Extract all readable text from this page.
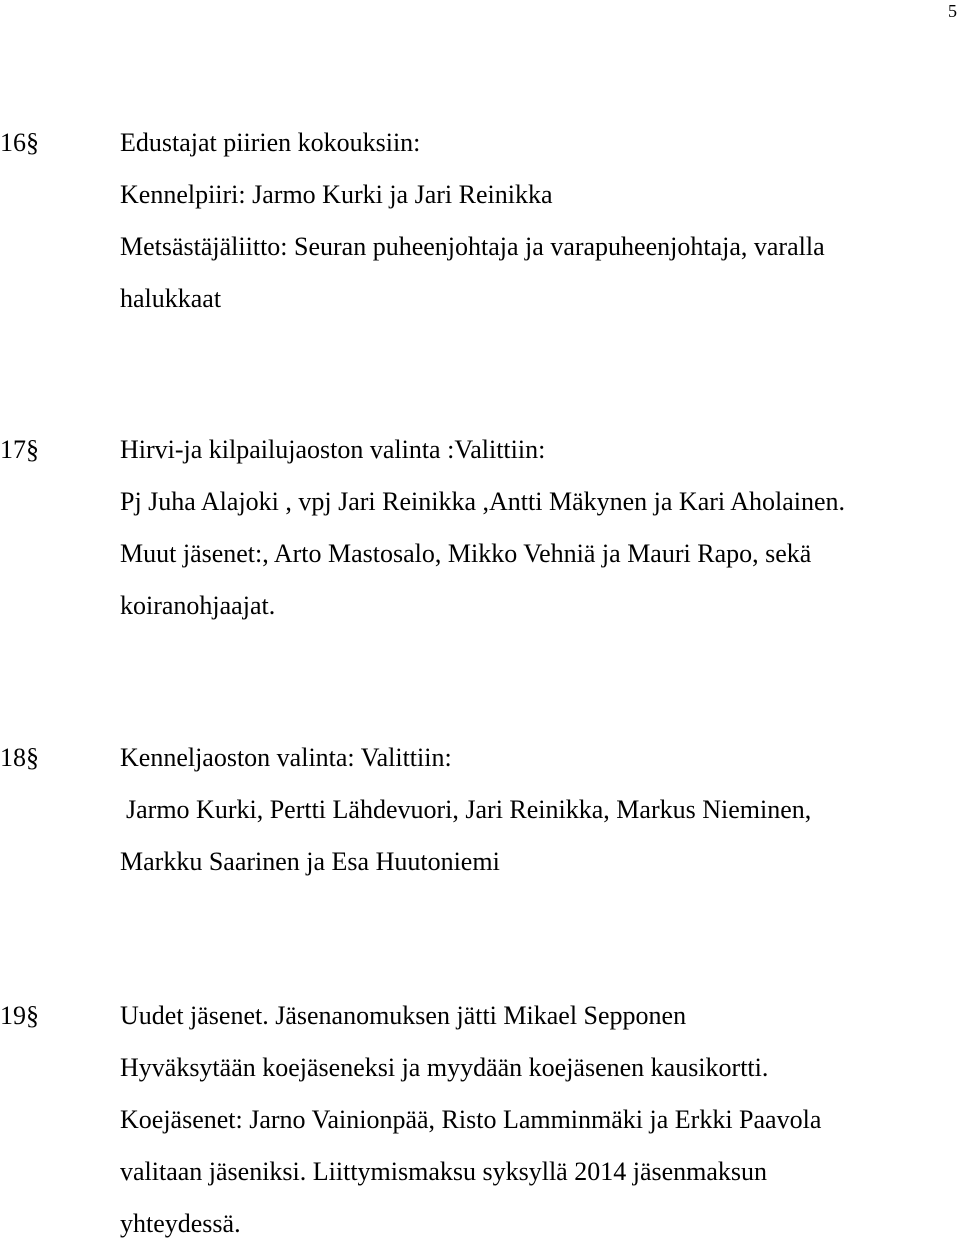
5
16§	Edustajat piirien kokouksiin:
Kennelpiiri: Jarmo Kurki ja Jari Reinikka
Metsästäjäliitto: Seuran puheenjohtaja ja varapuheenjohtaja, varalla
halukkaat
17§	Hirvi-ja kilpailujaoston valinta :Valittiin:
Pj Juha Alajoki , vpj Jari Reinikka ,Antti Mäkynen ja Kari Aholainen.
Muut jäsenet:, Arto Mastosalo, Mikko Vehniä ja Mauri Rapo, sekä
koiranohjaajat.
18§	Kenneljaoston valinta: Valittiin:
Jarmo Kurki, Pertti Lähdevuori, Jari Reinikka, Markus Nieminen,
Markku Saarinen ja Esa Huutoniemi
19§	Uudet jäsenet. Jäsenanomuksen jätti Mikael Sepponen
Hyväksytään koejäseneksi ja myydään koejäsenen kausikortti.
Koejäsenet: Jarno Vainionpää, Risto Lamminmäki ja Erkki Paavola
valitaan jäseniksi. Liittymismaksu syksyllä 2014 jäsenmaksun
yhteydessä.
